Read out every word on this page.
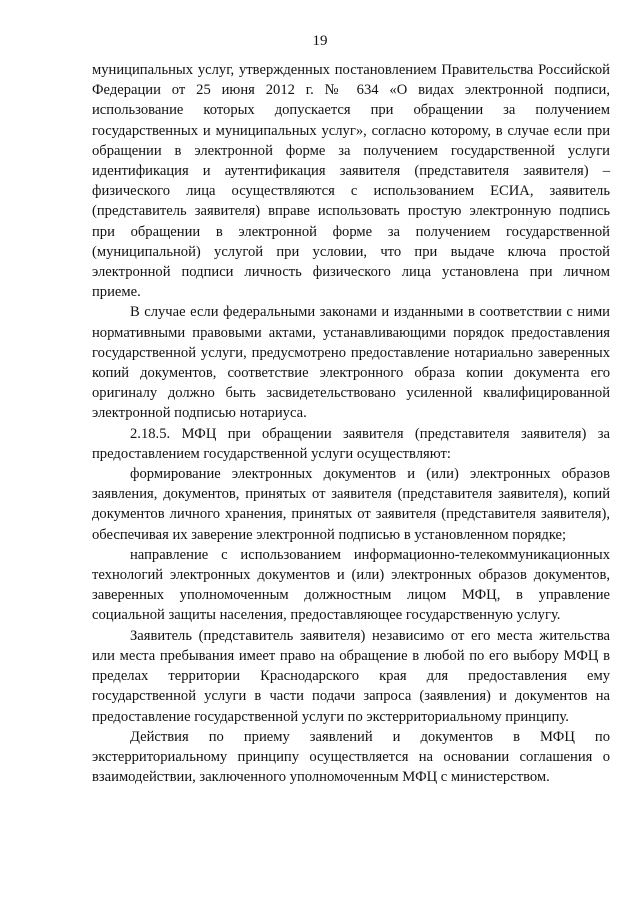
19

муниципальных услуг, утвержденных постановлением Правительства Российской Федерации от 25 июня 2012 г. № 634 «О видах электронной подписи, использование которых допускается при обращении за получением государственных и муниципальных услуг», согласно которому, в случае если при обращении в электронной форме за получением государственной услуги идентификация и аутентификация заявителя (представителя заявителя) – физического лица осуществляются с использованием ЕСИА, заявитель (представитель заявителя) вправе использовать простую электронную подпись при обращении в электронной форме за получением государственной (муниципальной) услугой при условии, что при выдаче ключа простой электронной подписи личность физического лица установлена при личном приеме.

В случае если федеральными законами и изданными в соответствии с ними нормативными правовыми актами, устанавливающими порядок предоставления государственной услуги, предусмотрено предоставление нотариально заверенных копий документов, соответствие электронного образа копии документа его оригиналу должно быть засвидетельствовано усиленной квалифицированной электронной подписью нотариуса.

2.18.5. МФЦ при обращении заявителя (представителя заявителя) за предоставлением государственной услуги осуществляют:

формирование электронных документов и (или) электронных образов заявления, документов, принятых от заявителя (представителя заявителя), копий документов личного хранения, принятых от заявителя (представителя заявителя), обеспечивая их заверение электронной подписью в установленном порядке;

направление с использованием информационно-телекоммуникационных технологий электронных документов и (или) электронных образов документов, заверенных уполномоченным должностным лицом МФЦ, в управление социальной защиты населения, предоставляющее государственную услугу.

Заявитель (представитель заявителя) независимо от его места жительства или места пребывания имеет право на обращение в любой по его выбору МФЦ в пределах территории Краснодарского края для предоставления ему государственной услуги в части подачи запроса (заявления) и документов на предоставление государственной услуги по экстерриториальному принципу.

Действия по приему заявлений и документов в МФЦ по экстерриториальному принципу осуществляется на основании соглашения о взаимодействии, заключенного уполномоченным МФЦ с министерством.
